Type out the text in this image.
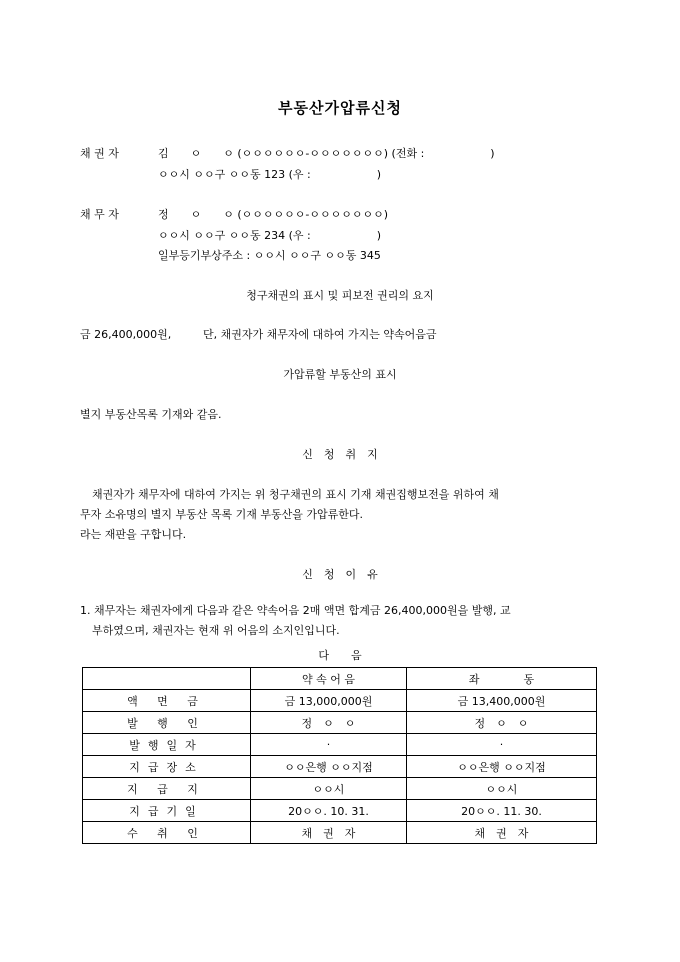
부동산가압류신청
채 권 자	김　　ㅇ　　ㅇ (ㅇㅇㅇㅇㅇㅇ-ㅇㅇㅇㅇㅇㅇㅇ) (전화 :　　　　　　)
ㅇㅇ시 ㅇㅇ구 ㅇㅇ동 123 (우 :　　　　　　)
채 무 자	정　　ㅇ　　ㅇ (ㅇㅇㅇㅇㅇㅇ-ㅇㅇㅇㅇㅇㅇㅇ)
ㅇㅇ시 ㅇㅇ구 ㅇㅇ동 234 (우 :　　　　　　)
일부등기부상주소 : ㅇㅇ시 ㅇㅇ구 ㅇㅇ동 345
청구채권의 표시 및 피보전 권리의 요지
금 26,400,000원,	단, 채권자가 채무자에 대하여 가지는 약속어음금
가압류할 부동산의 표시
별지 부동산목록 기재와 같음.
신　청　취　지
채권자가 채무자에 대하여 가지는 위 청구채권의 표시 기재 채권집행보전을 위하여 채
무자 소유명의 별지 부동산 목록 기재 부동산을 가압류한다.
라는 재판을 구합니다.
신　청　이　유
1. 채무자는 채권자에게 다음과 같은 약속어음 2매 액면 합계금 26,400,000원을 발행, 교
부하였으며, 채권자는 현재 위 어음의 소지인입니다.
다　　음
	약 속 어 음	좌　　　　동
액 면 금	금 13,000,000원	금 13,400,000원
발 행 인	정　ㅇ　ㅇ	정　ㅇ　ㅇ
발행일자	·	·
지급장소	ㅇㅇ은행 ㅇㅇ지점	ㅇㅇ은행 ㅇㅇ지점
지 급 지	ㅇㅇ시	ㅇㅇ시
지급기일	20ㅇㅇ. 10. 31.	20ㅇㅇ. 11. 30.
수 취 인	채　권　자	채　권　자
